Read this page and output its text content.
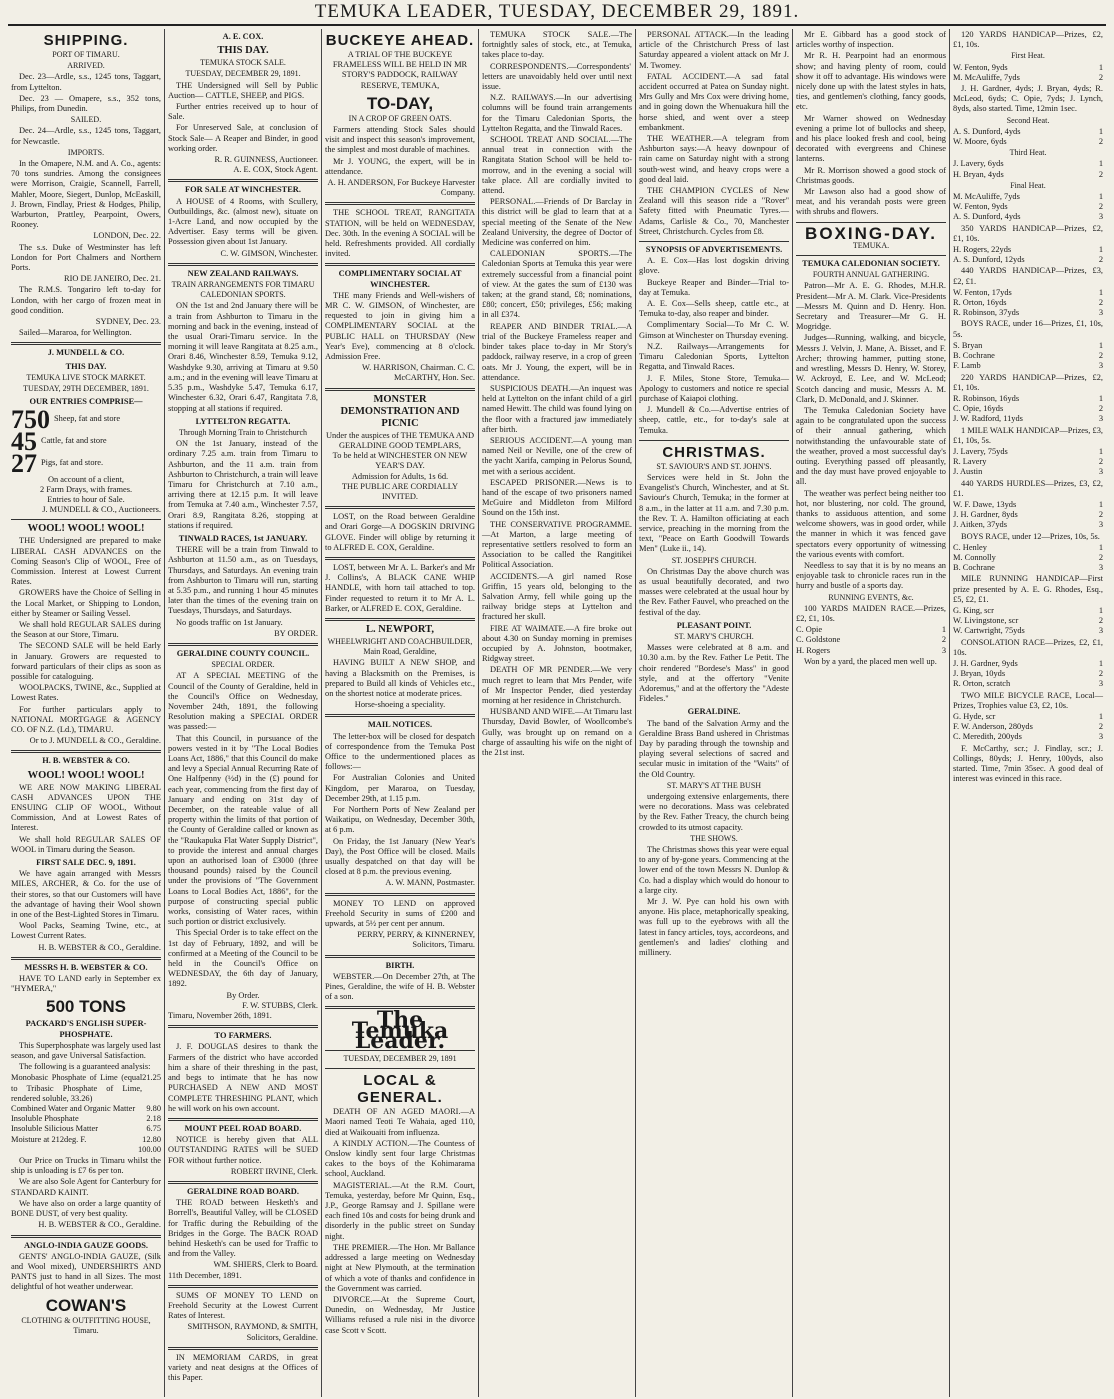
TEMUKA LEADER, TUESDAY, DECEMBER 29, 1891.
SHIPPING.
PORT OF TIMARU.
ARRIVED.

Dec. 23—Ardle, s.s., 1245 tons, Taggart, from Lyttelton.

Dec. 23 — Omapere, s.s., 352 tons, Philips, from Dunedin.

SAILED.

Dec. 24—Ardle, s.s., 1245 tons, Taggart, for Newcastle.

IMPORTS.

In the Omapere, N.M. and A. Co., agents: 70 tons sundries. Among the consignees were Morrison, Craigie, Scannell, Farrell, Mahler, Moore, Siegert, Dunlop, McEaskill, J. Brown, Findlay, Priest & Hodges, Philip, Warburton, Prattley, Pearpoint, Owers, Rooney.

LONDON, Dec. 22.

The s.s. Duke of Westminster has left London for Port Chalmers and Northern Ports.

RIO DE JANEIRO, Dec. 21.

The R.M.S. Tongariro left to-day for London, with her cargo of frozen meat in good condition.

SYDNEY, Dec. 23.

Sailed—Mararoa, for Wellington.

J. MUNDELL & CO.
THIS DAY.
TEMUKA LIVE STOCK MARKET.
TUESDAY, 29TH DECEMBER, 1891.
OUR ENTRIES COMPRISE—
750 Sheep, fat and store
45 Cattle, fat and store
27 Pigs, fat and store.
On account of a client,
2 Farm Drays, with frames.
Entries to hour of Sale.
J. MUNDELL & CO., Auctioneers.
WOOL! WOOL! WOOL!

THE Undersigned are prepared to make LIBERAL CASH ADVANCES on the Coming Season's Clip of WOOL, Free of Commission. Interest at Lowest Current Rates.

GROWERS have the Choice of Selling in the Local Market, or Shipping to London, either by Steamer or Sailing Vessel.

We shall hold REGULAR SALES during the Season at our Store, Timaru.

The SECOND SALE will be held Early in January. Growers are requested to forward particulars of their clips as soon as possible for cataloguing.

WOOLPACKS, TWINE, &c., Supplied at Lowest Rates.

For further particulars apply to NATIONAL MORTGAGE & AGENCY CO. OF N.Z. (Ld.), TIMARU.

Or to J. MUNDELL & CO., Geraldine.
H. B. WEBSTER & CO.
WOOL! WOOL! WOOL!

WE ARE NOW MAKING LIBERAL CASH ADVANCES UPON THE ENSUING CLIP OF WOOL, Without Commission, And at Lowest Rates of Interest.

We shall hold REGULAR SALES OF WOOL in Timaru during the Season.

FIRST SALE DEC. 9, 1891.

We have again arranged with Messrs MILES, ARCHER, & Co. for the use of their stores, so that our Customers will have the advantage of having their Wool shown in one of the Best-Lighted Stores in Timaru.

Wool Packs, Seaming Twine, etc., at Lowest Current Rates.

H. B. WEBSTER & CO., Geraldine.
MESSRS H. B. WEBSTER & CO.

HAVE TO LAND early in September ex "HYMERA,"

500 TONS
PACKARD'S ENGLISH SUPER-PHOSPHATE.

This Superphosphate was largely used last season, and gave Universal Satisfaction.

The following is a guaranteed analysis:

Monobasic Phosphate of Lime (equal to Tribasic Phosphate of Lime, rendered soluble, 33.26)
21.25
Combined Water and Organic Matter 9.80
Insoluble Phosphate	2.18
Insoluble Silicious Matter	6.75
Moisture at 212deg. F.	12.80
100.00

Our Price on Trucks in Timaru whilst the ship is unloading is £7 6s per ton.

We are also Sole Agent for Canterbury for STANDARD KAINIT.

We have also on order a large quantity of BONE DUST, of very best quality.

H. B. WEBSTER & CO., Geraldine.
ANGLO-INDIA GAUZE GOODS.

GENTS' ANGLO-INDIA GAUZE, (Silk and Wool mixed), UNDERSHIRTS AND PANTS just to hand in all Sizes. The most delightful of hot weather underwear.

COWAN'S
CLOTHING & OUTFITTING HOUSE, Timaru.
A. E. COX.
THIS DAY.
TEMUKA STOCK SALE.
TUESDAY, DECEMBER 29, 1891.

THE Undersigned will Sell by Public Auction— CATTLE, SHEEP, and PIGS.

Further entries received up to hour of Sale.

For Unreserved Sale, at conclusion of Stock Sale— A Reaper and Binder, in good working order.

R. R. GUINNESS, Auctioneer.
A. E. COX, Stock Agent.
FOR SALE AT WINCHESTER.

A HOUSE of 4 Rooms, with Scullery, Outbuildings, &c. (almost new), situate on 1-Acre Land, and now occupied by the Advertiser. Easy terms will be given. Possession given about 1st January.

C. W. GIMSON, Winchester.
NEW ZEALAND RAILWAYS.
TRAIN ARRANGEMENTS FOR TIMARU CALEDONIAN SPORTS.

ON the 1st and 2nd January there will be a train from Ashburton to Timaru in the morning and back in the evening, instead of the usual Orari-Timaru service. In the morning it will leave Rangitata at 8.25 a.m., Orari 8.46, Winchester 8.59, Temuka 9.12, Washdyke 9.30, arriving at Timaru at 9.50 a.m.; and in the evening will leave Timaru at 5.35 p.m., Washdyke 5.47, Temuka 6.17, Winchester 6.32, Orari 6.47, Rangitata 7.8, stopping at all stations if required.

LYTTELTON REGATTA.
Through Morning Train to Christchurch

ON the 1st January, instead of the ordinary 7.25 a.m. train from Timaru to Ashburton, and the 11 a.m. train from Ashburton to Christchurch, a train will leave Timaru for Christchurch at 7.10 a.m., arriving there at 12.15 p.m. It will leave from Temuka at 7.40 a.m., Winchester 7.57, Orari 8.9, Rangitata 8.26, stopping at stations if required.

TINWALD RACES, 1st JANUARY.

THERE will be a train from Tinwald to Ashburton at 11.50 a.m., as on Tuesdays, Thursdays, and Saturdays. An evening train from Ashburton to Timaru will run, starting at 5.35 p.m., and running 1 hour 45 minutes later than the times of the evening train on Tuesdays, Thursdays, and Saturdays.

No goods traffic on 1st January.

BY ORDER.
GERALDINE COUNTY COUNCIL.
SPECIAL ORDER.

AT A SPECIAL MEETING of the Council of the County of Geraldine, held in the Council's Office on Wednesday, November 24th, 1891, the following Resolution making a SPECIAL ORDER was passed:—

That this Council, in pursuance of the powers vested in it by "The Local Bodies Loans Act, 1886," that this Council do make and levy a Special Annual Recurring Rate of One Halfpenny (½d) in the (£) pound for each year, commencing from the first day of January and ending on 31st day of December, on the rateable value of all property within the limits of that portion of the County of Geraldine called or known as the "Raukapuka Flat Water Supply District", to provide the interest and annual charges upon an authorised loan of £3000 (three thousand pounds) raised by the Council under the provisions of "The Government Loans to Local Bodies Act, 1886", for the purpose of constructing special public works, consisting of Water races, within such portion or district exclusively.

This Special Order is to take effect on the 1st day of February, 1892, and will be confirmed at a Meeting of the Council to be held in the Council's Office on WEDNESDAY, the 6th day of January, 1892.

By Order.
F. W. STUBBS, Clerk.
Timaru, November 26th, 1891.
TO FARMERS.

J. F. DOUGLAS desires to thank the Farmers of the district who have accorded him a share of their threshing in the past, and begs to intimate that he has now PURCHASED A NEW AND MOST COMPLETE THRESHING PLANT, which he will work on his own account.

MOUNT PEEL ROAD BOARD.

NOTICE is hereby given that ALL OUTSTANDING RATES will be SUED FOR without further notice.

ROBERT IRVINE, Clerk.
GERALDINE ROAD BOARD.

THE ROAD between Hesketh's and Borrell's, Beautiful Valley, will be CLOSED for Traffic during the Rebuilding of the Bridges in the Gorge. The BACK ROAD behind Hesketh's can be used for Traffic to and from the Valley.

WM. SHIERS, Clerk to Board.
11th December, 1891.

SUMS OF MONEY TO LEND on Freehold Security at the Lowest Current Rates of Interest.

SMITHSON, RAYMOND, & SMITH, Solicitors, Geraldine.

IN MEMORIAM CARDS, in great variety and neat designs at the Offices of this Paper.

BUCKEYE AHEAD.
A TRIAL OF THE BUCKEYE FRAMELESS WILL BE HELD IN MR STORY'S PADDOCK, RAILWAY RESERVE, TEMUKA,
TO-DAY,
IN A CROP OF GREEN OATS.

Farmers attending Stock Sales should visit and inspect this season's improvement, the simplest and most durable of machines.

Mr J. YOUNG, the expert, will be in attendance.

A. H. ANDERSON, For Buckeye Harvester Company.

THE SCHOOL TREAT, RANGITATA STATION, will be held on WEDNESDAY, Dec. 30th. In the evening A SOCIAL will be held. Refreshments provided. All cordially invited.

COMPLIMENTARY SOCIAL AT WINCHESTER.

THE many Friends and Well-wishers of MR C. W. GIMSON, of Winchester, are requested to join in giving him a COMPLIMENTARY SOCIAL at the PUBLIC HALL on THURSDAY (New Year's Eve), commencing at 8 o'clock. Admission Free.

W. HARRISON, Chairman. C. C. McCARTHY, Hon. Sec.
MONSTER DEMONSTRATION AND PICNIC
Under the auspices of THE TEMUKA AND GERALDINE GOOD TEMPLARS,
To be held at WINCHESTER ON NEW YEAR'S DAY.
Admission for Adults, 1s 6d.
THE PUBLIC ARE CORDIALLY INVITED.

LOST, on the Road between Geraldine and Orari Gorge—A DOGSKIN DRIVING GLOVE. Finder will oblige by returning it to ALFRED E. COX, Geraldine.

LOST, between Mr A. L. Barker's and Mr J. Collins's, A BLACK CANE WHIP HANDLE, with horn tail attached to top. Finder requested to return it to Mr A. L. Barker, or ALFRED E. COX, Geraldine.

L. NEWPORT,
WHEELWRIGHT AND COACHBUILDER, Main Road, Geraldine,

HAVING BUILT A NEW SHOP, and having a Blacksmith on the Premises, is prepared to Build all kinds of Vehicles etc., on the shortest notice at moderate prices.

Horse-shoeing a speciality.
MAIL NOTICES.

The letter-box will be closed for despatch of correspondence from the Temuka Post Office to the undermentioned places as follows:—

For Australian Colonies and United Kingdom, per Mararoa, on Tuesday, December 29th, at 1.15 p.m.

For Northern Ports of New Zealand per Waikatipu, on Wednesday, December 30th, at 6 p.m.

On Friday, the 1st January (New Year's Day), the Post Office will be closed. Mails usually despatched on that day will be closed at 8 p.m. the previous evening.

A. W. MANN, Postmaster.

MONEY TO LEND on approved Freehold Security in sums of £200 and upwards, at 5½ per cent per annum.

PERRY, PERRY, & KINNERNEY, Solicitors, Timaru.
BIRTH.

WEBSTER.—On December 27th, at The Pines, Geraldine, the wife of H. B. Webster of a son.

The Temuka Leader.
TUESDAY, DECEMBER 29, 1891
LOCAL & GENERAL.

DEATH OF AN AGED MAORI.—A Maori named Teoti Te Wahaia, aged 110, died at Waikouaiti from influenza.

A KINDLY ACTION.—The Countess of Onslow kindly sent four large Christmas cakes to the boys of the Kohimarama school, Auckland.

MAGISTERIAL.—At the R.M. Court, Temuka, yesterday, before Mr Quinn, Esq., J.P., George Ramsay and J. Spillane were each fined 10s and costs for being drunk and disorderly in the public street on Sunday night.

THE PREMIER.—The Hon. Mr Ballance addressed a large meeting on Wednesday night at New Plymouth, at the termination of which a vote of thanks and confidence in the Government was carried.

DIVORCE.—At the Supreme Court, Dunedin, on Wednesday, Mr Justice Williams refused a rule nisi in the divorce case Scott v Scott.

TEMUKA STOCK SALE.—The fortnightly sales of stock, etc., at Temuka, takes place to-day.

CORRESPONDENTS.—Correspondents' letters are unavoidably held over until next issue.

N.Z. RAILWAYS.—In our advertising columns will be found train arrangements for the Timaru Caledonian Sports, the Lyttelton Regatta, and the Tinwald Races.

SCHOOL TREAT AND SOCIAL.—The annual treat in connection with the Rangitata Station School will be held to-morrow, and in the evening a social will take place. All are cordially invited to attend.

PERSONAL.—Friends of Dr Barclay in this district will be glad to learn that at a special meeting of the Senate of the New Zealand University, the degree of Doctor of Medicine was conferred on him.

CALEDONIAN SPORTS.—The Caledonian Sports at Temuka this year were extremely successful from a financial point of view. At the gates the sum of £130 was taken; at the grand stand, £8; nominations, £80; concert, £50; privileges, £56; making in all £374.

REAPER AND BINDER TRIAL.—A trial of the Buckeye Frameless reaper and binder takes place to-day in Mr Story's paddock, railway reserve, in a crop of green oats. Mr J. Young, the expert, will be in attendance.

SUSPICIOUS DEATH.—An inquest was held at Lyttelton on the infant child of a girl named Hewitt. The child was found lying on the floor with a fractured jaw immediately after birth.

SERIOUS ACCIDENT.—A young man named Neil or Neville, one of the crew of the yacht Xarifa, camping in Pelorus Sound, met with a serious accident.

ESCAPED PRISONER.—News is to hand of the escape of two prisoners named McGuire and Middleton from Milford Sound on the 15th inst.

THE CONSERVATIVE PROGRAMME.—At Marton, a large meeting of representative settlers resolved to form an Association to be called the Rangitikei Political Association.

ACCIDENTS.—A girl named Rose Griffin, 15 years old, belonging to the Salvation Army, fell while going up the railway bridge steps at Lyttelton and fractured her skull.

FIRE AT WAIMATE.—A fire broke out about 4.30 on Sunday morning in premises occupied by A. Johnston, bootmaker, Ridgway street.

DEATH OF MR PENDER.—We very much regret to learn that Mrs Pender, wife of Mr Inspector Pender, died yesterday morning at her residence in Christchurch.

HUSBAND AND WIFE.—At Timaru last Thursday, David Bowler, of Woollcombe's Gully, was brought up on remand on a charge of assaulting his wife on the night of the 21st inst.

PERSONAL ATTACK.—In the leading article of the Christchurch Press of last Saturday appeared a violent attack on Mr J. M. Twomey.

FATAL ACCIDENT.—A sad fatal accident occurred at Patea on Sunday night. Mrs Gully and Mrs Cox were driving home, and in going down the Whenuakura hill the horse shied, and went over a steep embankment.

THE WEATHER.—A telegram from Ashburton says:—A heavy downpour of rain came on Saturday night with a strong south-west wind, and heavy crops were a good deal laid.

THE CHAMPION CYCLES of New Zealand will this season ride a "Rover" Safety fitted with Pneumatic Tyres.—Adams, Carlisle & Co., 70, Manchester Street, Christchurch. Cycles from £8.

SYNOPSIS OF ADVERTISEMENTS.

A. E. Cox—Has lost dogskin driving glove.

Buckeye Reaper and Binder—Trial to-day at Temuka.

A. E. Cox—Sells sheep, cattle etc., at Temuka to-day, also reaper and binder.

Complimentary Social—To Mr C. W. Gimson at Winchester on Thursday evening.

N.Z. Railways—Arrangements for Timaru Caledonian Sports, Lyttelton Regatta, and Tinwald Races.

J. F. Miles, Stone Store, Temuka—Apology to customers and notice re special purchase of Kaiapoi clothing.

J. Mundell & Co.—Advertise entries of sheep, cattle, etc., for to-day's sale at Temuka.

CHRISTMAS.
ST. SAVIOUR'S AND ST. JOHN'S.

Services were held in St. John the Evangelist's Church, Winchester, and at St. Saviour's Church, Temuka; in the former at 8 a.m., in the latter at 11 a.m. and 7.30 p.m. the Rev. T. A. Hamilton officiating at each service, preaching in the morning from the text, "Peace on Earth Goodwill Towards Men" (Luke ii., 14).

ST. JOSEPH'S CHURCH.

On Christmas Day the above church was as usual beautifully decorated, and two masses were celebrated at the usual hour by the Rev. Father Fauvel, who preached on the festival of the day.

PLEASANT POINT.
ST. MARY'S CHURCH.

Masses were celebrated at 8 a.m. and 10.30 a.m. by the Rev. Father Le Petit. The choir rendered "Bordese's Mass" in good style, and at the offertory "Venite Adoremus," and at the offertory the "Adeste Fideles."

GERALDINE.

The band of the Salvation Army and the Geraldine Brass Band ushered in Christmas Day by parading through the township and playing several selections of sacred and secular music in imitation of the "Waits" of the Old Country.

ST. MARY'S AT THE BUSH

undergoing extensive enlargements, there were no decorations. Mass was celebrated by the Rev. Father Treacy, the church being crowded to its utmost capacity.

THE SHOWS.

The Christmas shows this year were equal to any of by-gone years. Commencing at the lower end of the town Messrs N. Dunlop & Co. had a display which would do honour to a large city.

Mr J. W. Pye can hold his own with anyone. His place, metaphorically speaking, was full up to the eyebrows with all the latest in fancy articles, toys, accordeons, and gentlemen's and ladies' clothing and millinery.

Mr E. Gibbard has a good stock of articles worthy of inspection.

Mr R. H. Pearpoint had an enormous show; and having plenty of room, could show it off to advantage. His windows were nicely done up with the latest styles in hats, ties, and gentlemen's clothing, fancy goods, etc.

Mr Warner showed on Wednesday evening a prime lot of bullocks and sheep, and his place looked fresh and cool, being decorated with evergreens and Chinese lanterns.

Mr R. Morrison showed a good stock of Christmas goods.

Mr Lawson also had a good show of meat, and his verandah posts were green with shrubs and flowers.

BOXING-DAY.
TEMUKA.
TEMUKA CALEDONIAN SOCIETY.
FOURTH ANNUAL GATHERING.

Patron—Mr A. E. G. Rhodes, M.H.R. President—Mr A. M. Clark. Vice-Presidents—Messrs M. Quinn and D. Henry. Hon. Secretary and Treasurer—Mr G. H. Mogridge.

Judges—Running, walking, and bicycle, Messrs J. Velvin, J. Mane, A. Bisset, and F. Archer; throwing hammer, putting stone, and wrestling, Messrs D. Henry, W. Storey, W. Ackroyd, E. Lee, and W. McLeod; Scotch dancing and music, Messrs A. M. Clark, D. McDonald, and J. Skinner.

The Temuka Caledonian Society have again to be congratulated upon the success of their annual gathering, which notwithstanding the unfavourable state of the weather, proved a most successful day's outing. Everything passed off pleasantly, and the day must have proved enjoyable to all.

The weather was perfect being neither too hot, nor blustering, nor cold. The ground, thanks to assiduous attention, and some welcome showers, was in good order, while the manner in which it was fenced gave spectators every opportunity of witnessing the various events with comfort.

Needless to say that it is by no means an enjoyable task to chronicle races run in the hurry and bustle of a sports day.

RUNNING EVENTS, &c.

100 YARDS MAIDEN RACE.—Prizes, £2, £1, 10s.

C. Opie	1
C. Goldstone	2
H. Rogers	3

Won by a yard, the placed men well up.

120 YARDS HANDICAP—Prizes, £2, £1, 10s.

First Heat.
W. Fenton, 9yds	1
M. McAuliffe, 7yds	2

J. H. Gardner, 4yds; J. Bryan, 4yds; R. McLeod, 6yds; C. Opie, 7yds; J. Lynch, 8yds, also started. Time, 12min 1sec.

Second Heat.
A. S. Dunford, 4yds	1
W. Moore, 6yds	2
Third Heat.
J. Lavery, 6yds	1
H. Bryan, 4yds	2
Final Heat.
M. McAuliffe, 7yds	1
W. Fenton, 9yds	2
A. S. Dunford, 4yds	3

350 YARDS HANDICAP—Prizes, £2, £1, 10s.

H. Rogers, 22yds	1
A. S. Dunford, 12yds	2

440 YARDS HANDICAP—Prizes, £3, £2, £1.

W. Fenton, 17yds	1
R. Orton, 16yds	2
R. Robinson, 37yds	3

BOYS RACE, under 16—Prizes, £1, 10s, 5s.

S. Bryan	1
B. Cochrane	2
F. Lamb	3

220 YARDS HANDICAP—Prizes, £2, £1, 10s.

R. Robinson, 16yds	1
C. Opie, 16yds	2
J. W. Radford, 11yds	3

1 MILE WALK HANDICAP—Prizes, £3, £1, 10s, 5s.

J. Lavery, 75yds	1
R. Lavery	2
J. Austin	3

440 YARDS HURDLES—Prizes, £3, £2, £1.

W. F. Dawe, 13yds	1
J. H. Gardner, 8yds	2
J. Aitken, 37yds	3

BOYS RACE, under 12—Prizes, 10s, 5s.

C. Henley	1
M. Connolly	2
B. Cochrane	3

MILE RUNNING HANDICAP—First prize presented by A. E. G. Rhodes, Esq., £5, £2, £1.

G. King, scr	1
W. Livingstone, scr	2
W. Cartwright, 75yds	3

CONSOLATION RACE—Prizes, £2, £1, 10s.

J. H. Gardner, 9yds	1
J. Bryan, 10yds	2
R. Orton, scratch	3

TWO MILE BICYCLE RACE, Local—Prizes, Trophies value £3, £2, 10s.

G. Hyde, scr	1
F. W. Anderson, 280yds	2
C. Meredith, 200yds	3

F. McCarthy, scr.; J. Findlay, scr.; J. Collings, 80yds; J. Henry, 100yds, also started. Time, 7min 35sec. A good deal of interest was evinced in this race.
